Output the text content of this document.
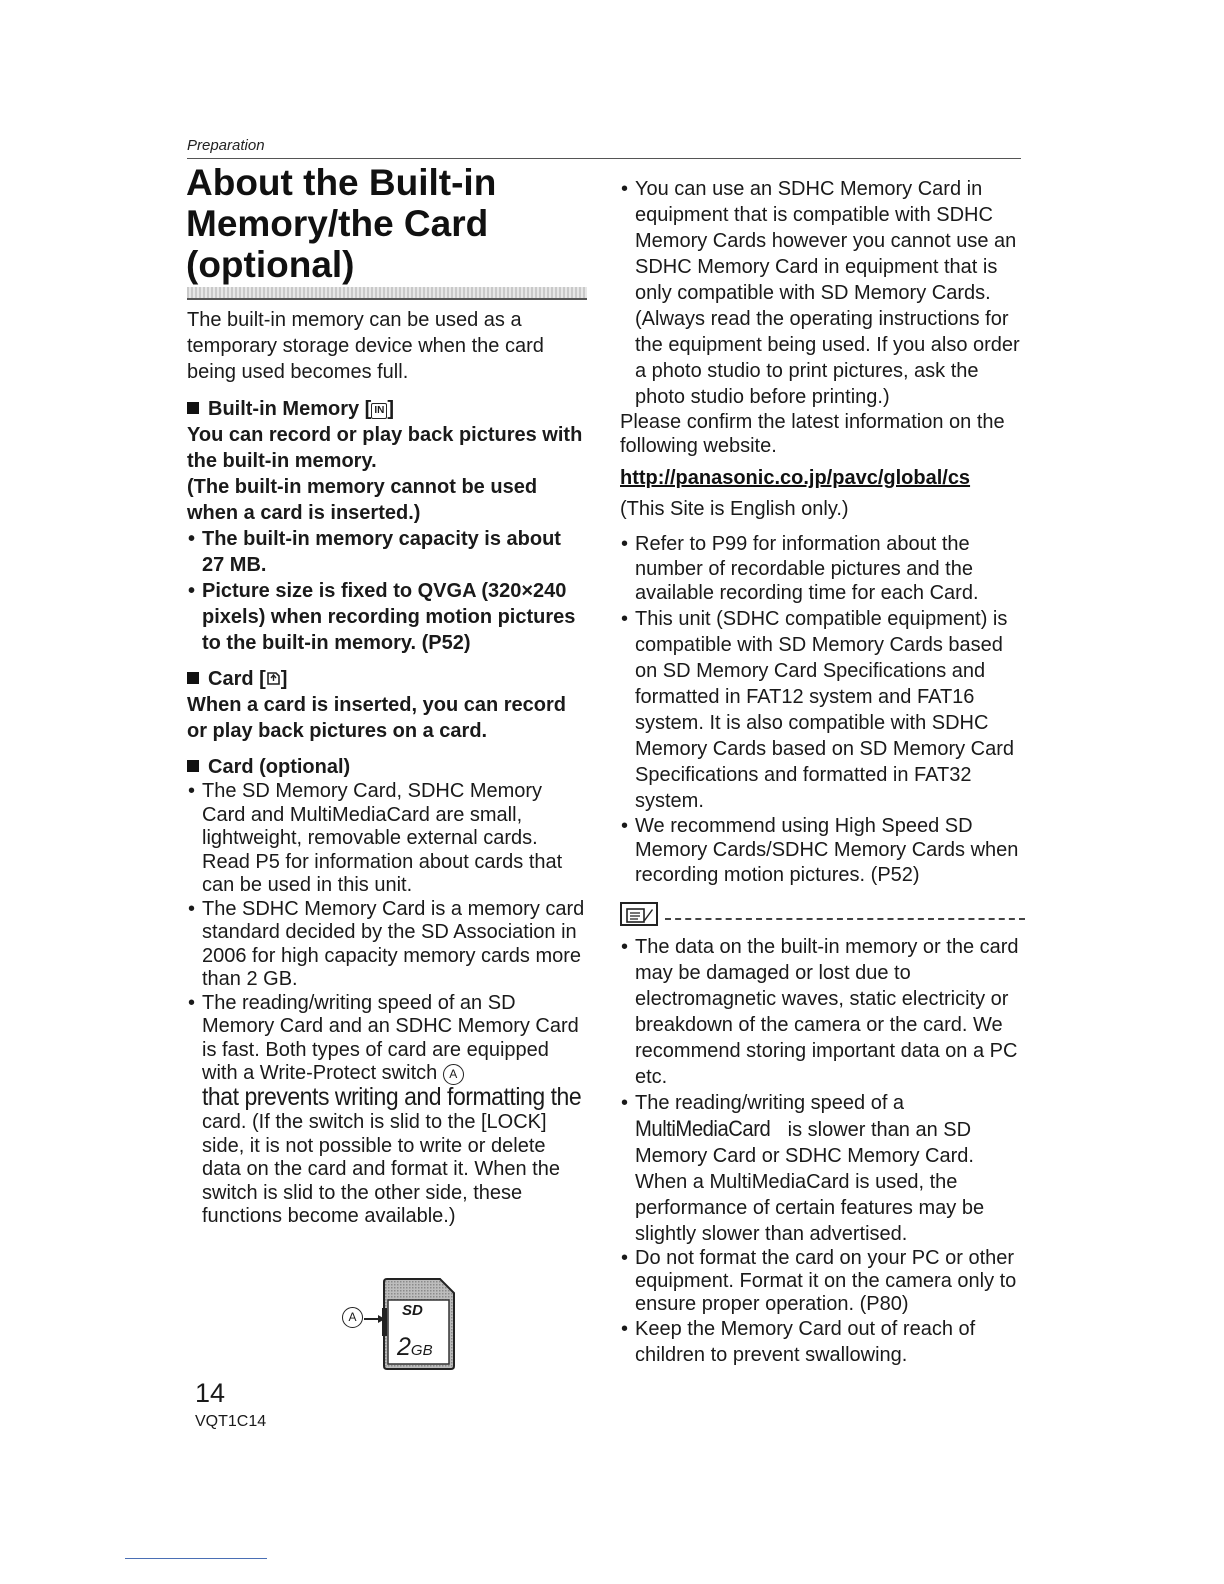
Preparation
About the Built-in
Memory/the Card
(optional)

The built-in memory can be used as a temporary storage device when the card being used becomes full.

Built-in Memory [ IN ]
You can record or play back pictures with the built-in memory.
(The built-in memory cannot be used when a card is inserted.)
• The built-in memory capacity is about 27 MB.
• Picture size is fixed to QVGA (320×240 pixels) when recording motion pictures to the built-in memory. (P52)
Card [ ]
When a card is inserted, you can record or play back pictures on a card.
Card (optional)
• The SD Memory Card, SDHC Memory Card and MultiMediaCard are small, lightweight, removable external cards. Read P5 for information about cards that can be used in this unit.
• The SDHC Memory Card is a memory card standard decided by the SD Association in 2006 for high capacity memory cards more than 2 GB.
• The reading/writing speed of an SD Memory Card and an SDHC Memory Card is fast. Both types of card are equipped with a Write-Protect switch A
that prevents writing and formatting the
card. (If the switch is slid to the [LOCK] side, it is not possible to write or delete data on the card and format it. When the switch is slid to the other side, these functions become available.)
A	SD
2GB
14
VQT1C14
• You can use an SDHC Memory Card in equipment that is compatible with SDHC Memory Cards however you cannot use an SDHC Memory Card in equipment that is only compatible with SD Memory Cards. (Always read the operating instructions for the equipment being used. If you also order a photo studio to print pictures, ask the photo studio before printing.)
Please confirm the latest information on the following website.
http://panasonic.co.jp/pavc/global/cs
(This Site is English only.)
• Refer to P99 for information about the number of recordable pictures and the available recording time for each Card.
• This unit (SDHC compatible equipment) is compatible with SD Memory Cards based on SD Memory Card Specifications and formatted in FAT12 system and FAT16 system. It is also compatible with SDHC Memory Cards based on SD Memory Card Specifications and formatted in FAT32 system.
• We recommend using High Speed SD Memory Cards/SDHC Memory Cards when recording motion pictures. (P52)
• The data on the built-in memory or the card may be damaged or lost due to electromagnetic waves, static electricity or breakdown of the camera or the card. We recommend storing important data on a PC etc.
• The reading/writing speed of a
MultiMediaCard is slower than an SD Memory Card or SDHC Memory Card. When a MultiMediaCard is used, the performance of certain features may be slightly slower than advertised.
• Do not format the card on your PC or other equipment. Format it on the camera only to ensure proper operation. (P80)
• Keep the Memory Card out of reach of children to prevent swallowing.
